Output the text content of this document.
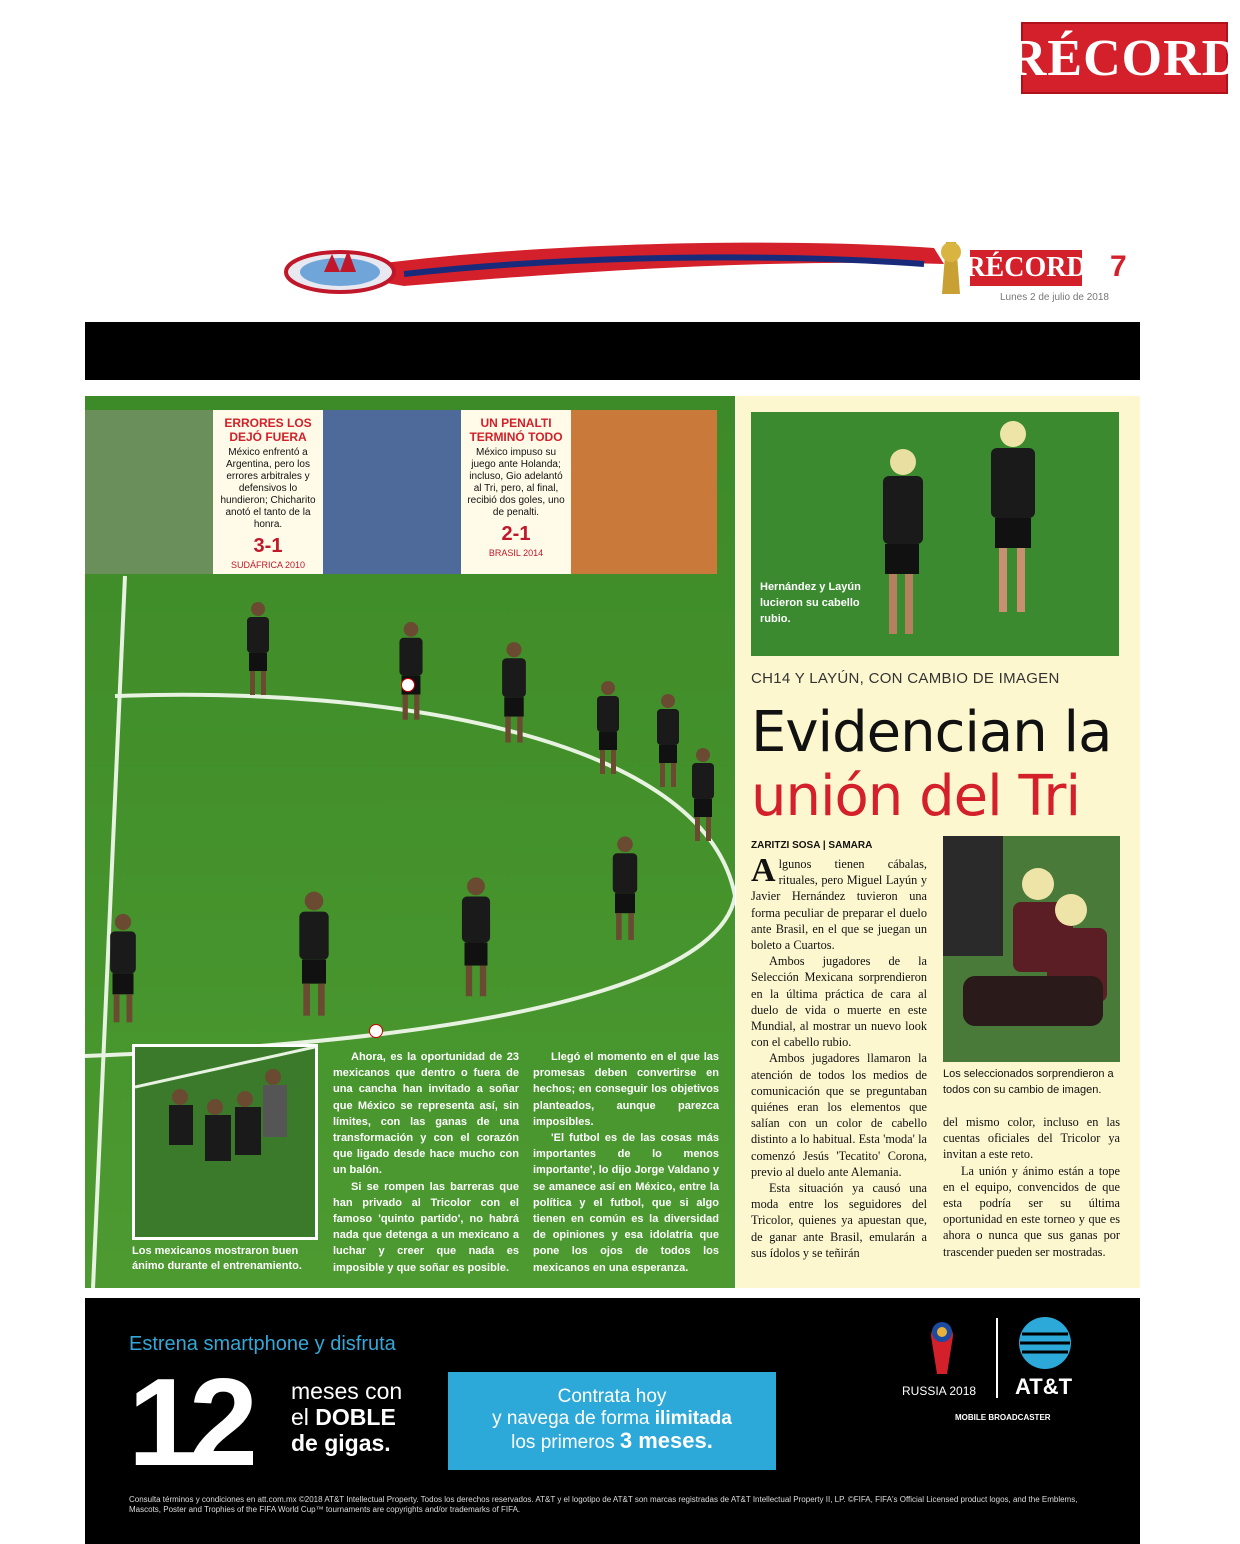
RÉCORD
RÉCORD 7
Lunes 2 de julio de 2018
ERRORES LOS DEJÓ FUERA
México enfrentó a Argentina, pero los errores arbitrales y defensivos lo hundieron; Chicharito anotó el tanto de la honra.
3-1
SUDÁFRICA 2010
UN PENALTI TERMINÓ TODO
México impuso su juego ante Holanda; incluso, Gio adelantó al Tri, pero, al final, recibió dos goles, uno de penalti.
2-1
BRASIL 2014
Los mexicanos mostraron buen ánimo durante el entrenamiento.

Ahora, es la oportunidad de 23 mexicanos que dentro o fuera de una cancha han invitado a soñar que México se representa así, sin límites, con las ganas de una transformación y con el corazón que ligado desde hace mucho con un balón.

Si se rompen las barreras que han privado al Tricolor con el famoso 'quinto partido', no habrá nada que detenga a un mexicano a luchar y creer que nada es imposible y que soñar es posible.

Llegó el momento en el que las promesas deben convertirse en hechos; en conseguir los objetivos planteados, aunque parezca imposibles.

'El futbol es de las cosas más importantes de lo menos importante', lo dijo Jorge Valdano y se amanece así en México, entre la política y el futbol, que si algo tienen en común es la diversidad de opiniones y esa idolatría que pone los ojos de todos los mexicanos en una esperanza.

Hernández y Layún lucieron su cabello rubio.
CH14 Y LAYÚN, CON CAMBIO DE IMAGEN
Evidencian la
unión del Tri
ZARITZI SOSA | SAMARA
Los seleccionados sorprendieron a todos con su cambio de imagen.

Algunos tienen cábalas, rituales, pero Miguel Layún y Javier Hernández tuvieron una forma peculiar de preparar el duelo ante Brasil, en el que se juegan un boleto a Cuartos.

Ambos jugadores de la Selección Mexicana sorprendieron en la última práctica de cara al duelo de vida o muerte en este Mundial, al mostrar un nuevo look con el cabello rubio.

Ambos jugadores llamaron la atención de todos los medios de comunicación que se preguntaban quiénes eran los elementos que salían con un color de cabello distinto a lo habitual. Esta 'moda' la comenzó Jesús 'Tecatito' Corona, previo al duelo ante Alemania.

Esta situación ya causó una moda entre los seguidores del Tricolor, quienes ya apuestan que, de ganar ante Brasil, emularán a sus ídolos y se teñirán

del mismo color, incluso en las cuentas oficiales del Tricolor ya invitan a este reto.

La unión y ánimo están a tope en el equipo, convencidos de que esta podría ser su última oportunidad en este torneo y que es ahora o nunca que sus ganas por trascender pueden ser mostradas.

Estrena smartphone y disfruta
12 meses con
el DOBLE
de gigas.
Contrata hoy
y navega de forma ilimitada
los primeros 3 meses.
RUSSIA 2018 AT&T
MOBILE BROADCASTER
Consulta términos y condiciones en att.com.mx ©2018 AT&T Intellectual Property. Todos los derechos reservados. AT&T y el logotipo de AT&T son marcas registradas de AT&T Intellectual Property II, LP. ©FIFA, FIFA's Official Licensed product logos, and the Emblems, Mascots, Poster and Trophies of the FIFA World Cup™ tournaments are copyrights and/or trademarks of FIFA.
